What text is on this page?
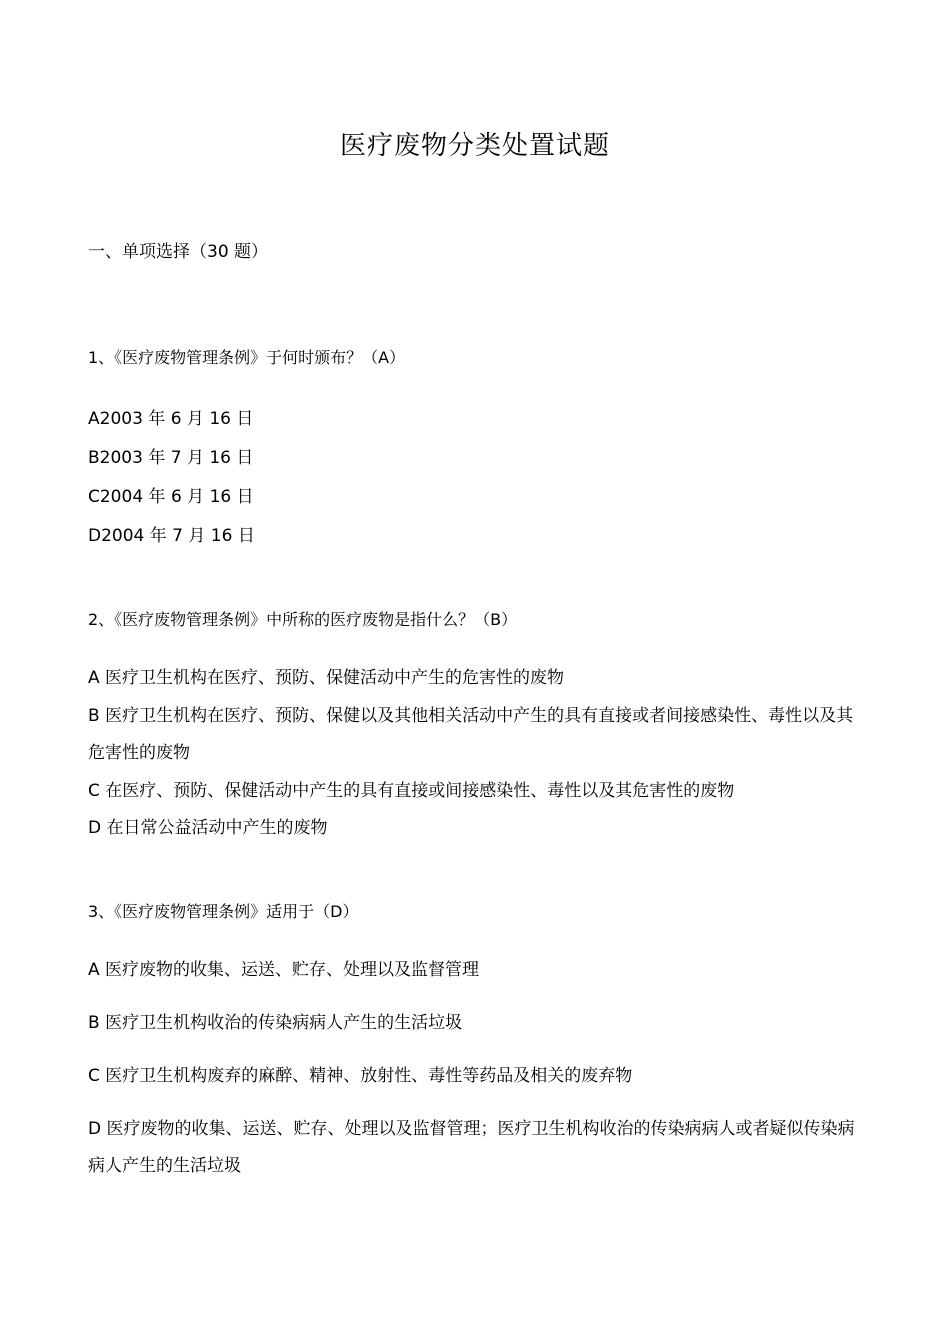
医疗废物分类处置试题
一、单项选择（30 题）

1、《医疗废物管理条例》于何时颁布？（A）

A2003 年 6 月 16 日

B2003 年 7 月 16 日

C2004 年 6 月 16 日

D2004 年 7 月 16 日

2、《医疗废物管理条例》中所称的医疗废物是指什么？（B）

A 医疗卫生机构在医疗、预防、保健活动中产生的危害性的废物

B 医疗卫生机构在医疗、预防、保健以及其他相关活动中产生的具有直接或者间接感染性、毒性以及其危害性的废物

C 在医疗、预防、保健活动中产生的具有直接或间接感染性、毒性以及其危害性的废物

D 在日常公益活动中产生的废物

3、《医疗废物管理条例》适用于（D）

A 医疗废物的收集、运送、贮存、处理以及监督管理

B 医疗卫生机构收治的传染病病人产生的生活垃圾

C 医疗卫生机构废弃的麻醉、精神、放射性、毒性等药品及相关的废弃物

D 医疗废物的收集、运送、贮存、处理以及监督管理；医疗卫生机构收治的传染病病人或者疑似传染病病人产生的生活垃圾
